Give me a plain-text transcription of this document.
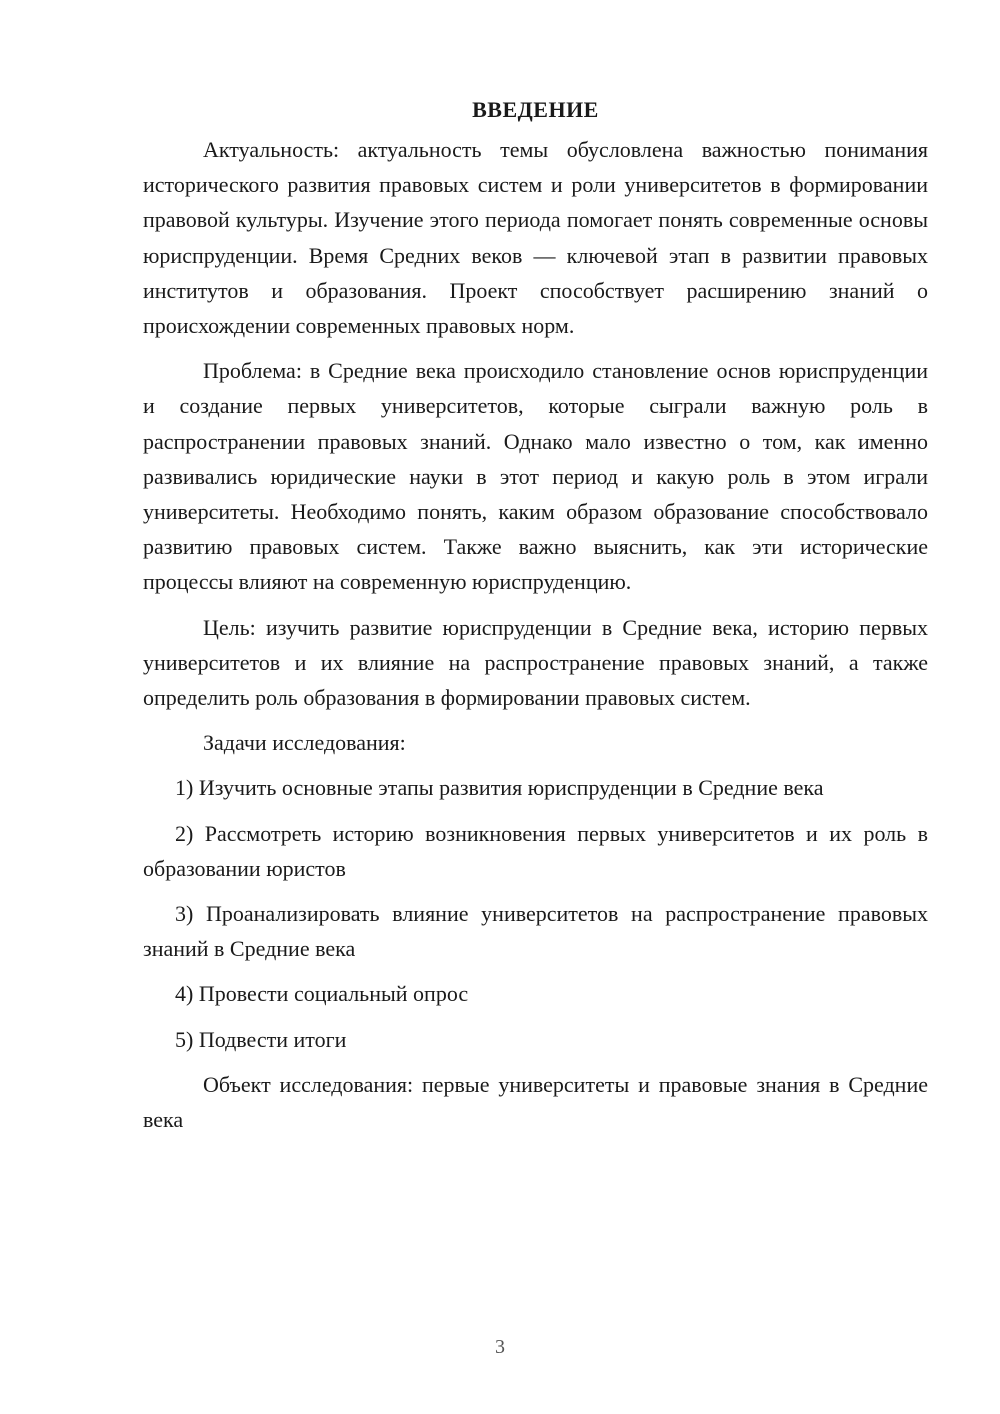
ВВЕДЕНИЕ

Актуальность: актуальность темы обусловлена важностью понимания исторического развития правовых систем и роли университетов в формировании правовой культуры. Изучение этого периода помогает понять современные основы юриспруденции. Время Средних веков — ключевой этап в развитии правовых институтов и образования. Проект способствует расширению знаний о происхождении современных правовых норм.

Проблема: в Средние века происходило становление основ юриспруденции и создание первых университетов, которые сыграли важную роль в распространении правовых знаний. Однако мало известно о том, как именно развивались юридические науки в этот период и какую роль в этом играли университеты. Необходимо понять, каким образом образование способствовало развитию правовых систем. Также важно выяснить, как эти исторические процессы влияют на современную юриспруденцию.

Цель: изучить развитие юриспруденции в Средние века, историю первых университетов и их влияние на распространение правовых знаний, а также определить роль образования в формировании правовых систем.

Задачи исследования:

1) Изучить основные этапы развития юриспруденции в Средние века

2) Рассмотреть историю возникновения первых университетов и их роль в образовании юристов

3) Проанализировать влияние университетов на распространение правовых знаний в Средние века

4) Провести социальный опрос

5) Подвести итоги

Объект исследования: первые университеты и правовые знания в Средние века

3
